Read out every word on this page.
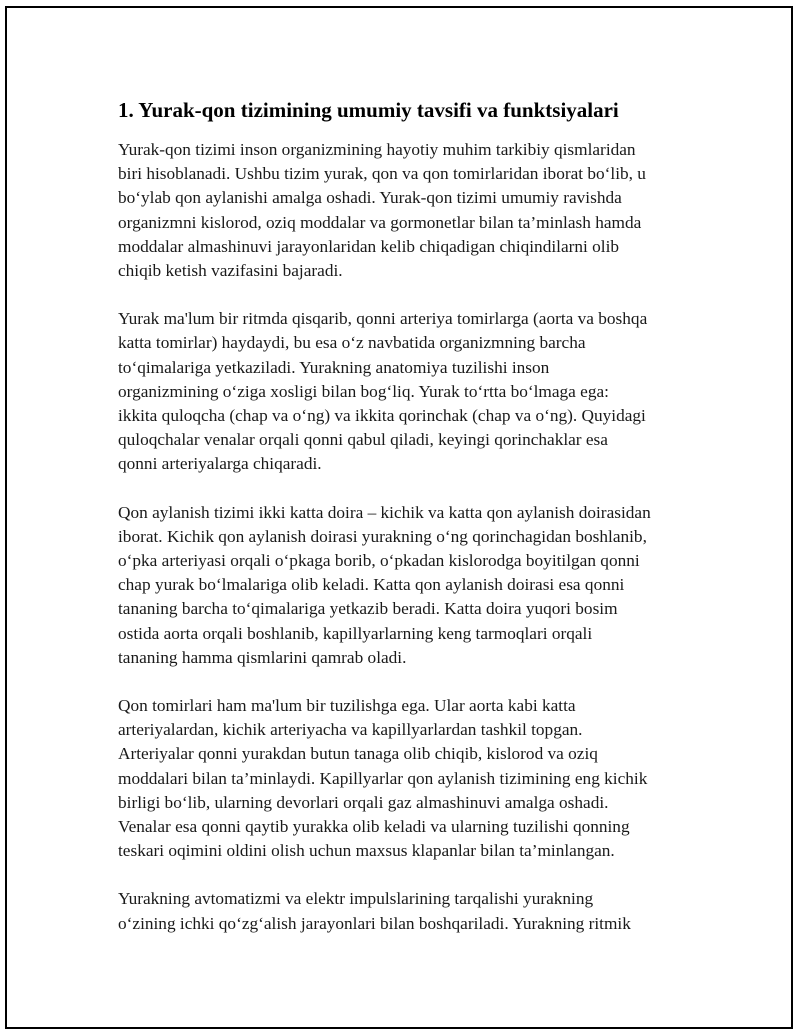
1. Yurak-qon tizimining umumiy tavsifi va funktsiyalari
Yurak-qon tizimi inson organizmining hayotiy muhim tarkibiy qismlaridan
biri hisoblanadi. Ushbu tizim yurak, qon va qon tomirlaridan iborat bo‘lib, u
bo‘ylab qon aylanishi amalga oshadi. Yurak-qon tizimi umumiy ravishda
organizmni kislorod, oziq moddalar va gormonetlar bilan ta’minlash hamda
moddalar almashinuvi jarayonlaridan kelib chiqadigan chiqindilarni olib
chiqib ketish vazifasini bajaradi.
Yurak ma'lum bir ritmda qisqarib, qonni arteriya tomirlarga (aorta va boshqa
katta tomirlar) haydaydi, bu esa o‘z navbatida organizmning barcha
to‘qimalariga yetkaziladi. Yurakning anatomiya tuzilishi inson
organizmining o‘ziga xosligi bilan bog‘liq. Yurak to‘rtta bo‘lmaga ega:
ikkita quloqcha (chap va o‘ng) va ikkita qorinchak (chap va o‘ng). Quyidagi
quloqchalar venalar orqali qonni qabul qiladi, keyingi qorinchaklar esa
qonni arteriyalarga chiqaradi.
Qon aylanish tizimi ikki katta doira – kichik va katta qon aylanish doirasidan
iborat. Kichik qon aylanish doirasi yurakning o‘ng qorinchagidan boshlanib,
o‘pka arteriyasi orqali o‘pkaga borib, o‘pkadan kislorodga boyitilgan qonni
chap yurak bo‘lmalariga olib keladi. Katta qon aylanish doirasi esa qonni
tananing barcha to‘qimalariga yetkazib beradi. Katta doira yuqori bosim
ostida aorta orqali boshlanib, kapillyarlarning keng tarmoqlari orqali
tananing hamma qismlarini qamrab oladi.
Qon tomirlari ham ma'lum bir tuzilishga ega. Ular aorta kabi katta
arteriyalardan, kichik arteriyacha va kapillyarlardan tashkil topgan.
Arteriyalar qonni yurakdan butun tanaga olib chiqib, kislorod va oziq
moddalari bilan ta’minlaydi. Kapillyarlar qon aylanish tizimining eng kichik
birligi bo‘lib, ularning devorlari orqali gaz almashinuvi amalga oshadi.
Venalar esa qonni qaytib yurakka olib keladi va ularning tuzilishi qonning
teskari oqimini oldini olish uchun maxsus klapanlar bilan ta’minlangan.
Yurakning avtomatizmi va elektr impulslarining tarqalishi yurakning
o‘zining ichki qo‘zg‘alish jarayonlari bilan boshqariladi. Yurakning ritmik
